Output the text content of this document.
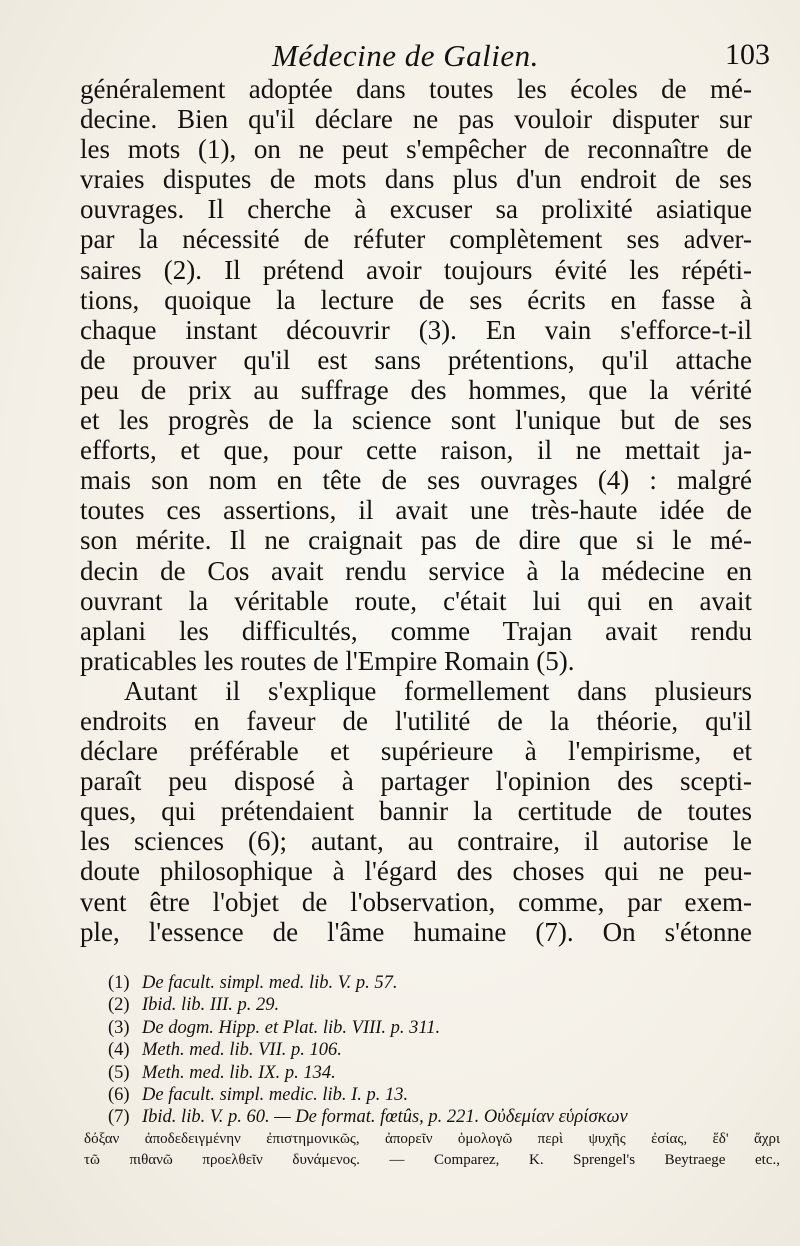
Médecine de Galien.	103
généralement adoptée dans toutes les écoles de mé-
decine. Bien qu'il déclare ne pas vouloir disputer sur
les mots (1), on ne peut s'empêcher de reconnaître de
vraies disputes de mots dans plus d'un endroit de ses
ouvrages. Il cherche à excuser sa prolixité asiatique
par la nécessité de réfuter complètement ses adver-
saires (2). Il prétend avoir toujours évité les répéti-
tions, quoique la lecture de ses écrits en fasse à
chaque instant découvrir (3). En vain s'efforce-t-il
de prouver qu'il est sans prétentions, qu'il attache
peu de prix au suffrage des hommes, que la vérité
et les progrès de la science sont l'unique but de ses
efforts, et que, pour cette raison, il ne mettait ja-
mais son nom en tête de ses ouvrages (4) : malgré
toutes ces assertions, il avait une très-haute idée de
son mérite. Il ne craignait pas de dire que si le mé-
decin de Cos avait rendu service à la médecine en
ouvrant la véritable route, c'était lui qui en avait
aplani les difficultés, comme Trajan avait rendu
praticables les routes de l'Empire Romain (5).
Autant il s'explique formellement dans plusieurs
endroits en faveur de l'utilité de la théorie, qu'il
déclare préférable et supérieure à l'empirisme, et
paraît peu disposé à partager l'opinion des scepti-
ques, qui prétendaient bannir la certitude de toutes
les sciences (6); autant, au contraire, il autorise le
doute philosophique à l'égard des choses qui ne peu-
vent être l'objet de l'observation, comme, par exem-
ple, l'essence de l'âme humaine (7). On s'étonne
(1) De facult. simpl. med. lib. V. p. 57.
(2) Ibid. lib. III. p. 29.
(3) De dogm. Hipp. et Plat. lib. VIII. p. 311.
(4) Meth. med. lib. VII. p. 106.
(5) Meth. med. lib. IX. p. 134.
(6) De facult. simpl. medic. lib. I. p. 13.
(7) Ibid. lib. V. p. 60. — De format. fœtûs, p. 221. Οὐδεμίαν εὑρίσκων
δόξαν ἀποδεδειγμένην ἐπιστημονικῶς, ἀπορεῖν ὁμολογῶ περὶ ψυχῆς ἐσίας, ἕδ' ἄχρι
τῶ πιθανῶ προελθεῖν δυνάμενος. — Comparez, K. Sprengel's Beytraege etc.,
